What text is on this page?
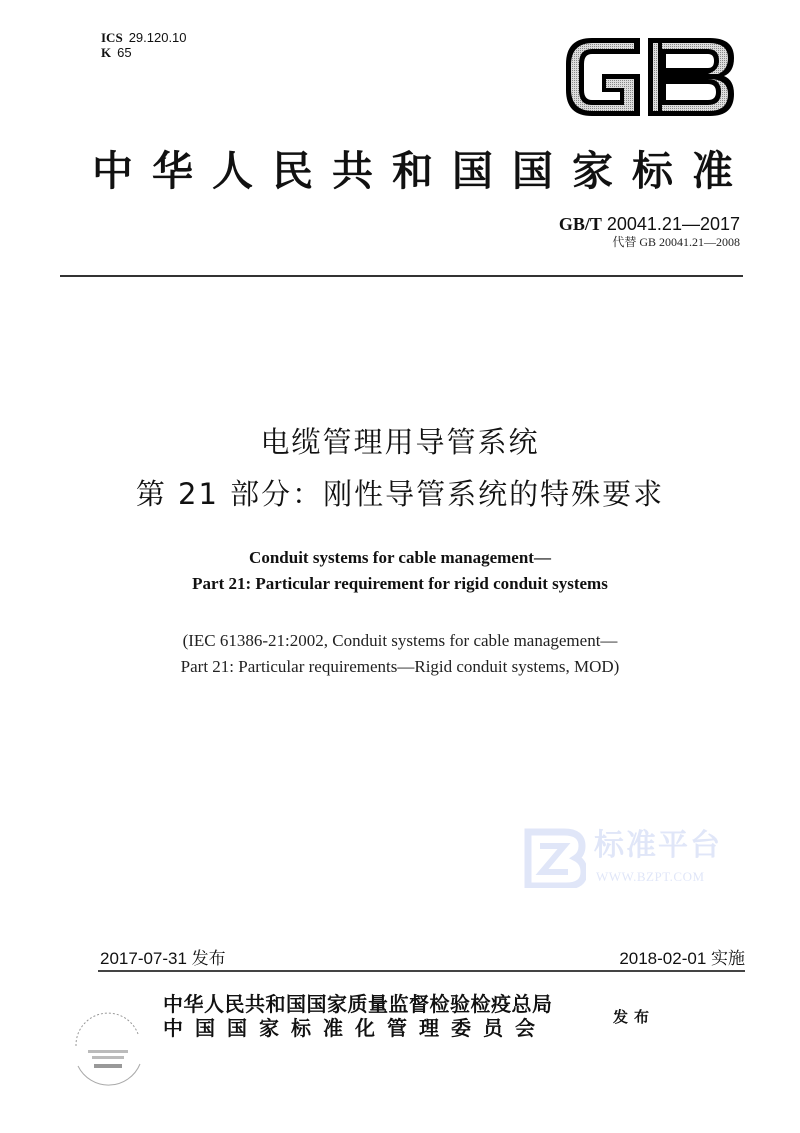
ICS 29.120.10
K 65
中华人民共和国国家标准
GB/T 20041.21—2017
代替 GB 20041.21—2008
电缆管理用导管系统
第 21 部分：刚性导管系统的特殊要求
Conduit systems for cable management—
Part 21: Particular requirement for rigid conduit systems
(IEC 61386-21:2002, Conduit systems for cable management—
Part 21: Particular requirements—Rigid conduit systems, MOD)
标准平台
WWW.BZPT.COM
2017-07-31 发布	2018-02-01 实施
中华人民共和国国家质量监督检验检疫总局
中国国家标准化管理委员会	发布
